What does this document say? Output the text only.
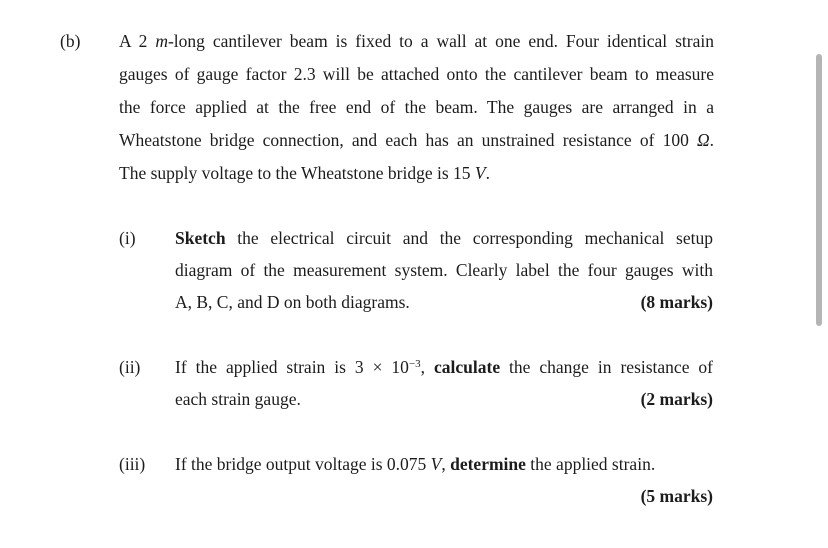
(b) A 2 m-long cantilever beam is fixed to a wall at one end. Four identical strain
gauges of gauge factor 2.3 will be attached onto the cantilever beam to measure
the force applied at the free end of the beam. The gauges are arranged in a
Wheatstone bridge connection, and each has an unstrained resistance of 100 Ω.
The supply voltage to the Wheatstone bridge is 15 V.
(i) Sketch the electrical circuit and the corresponding mechanical setup
diagram of the measurement system. Clearly label the four gauges with
A, B, C, and D on both diagrams.	(8 marks)
(ii) If the applied strain is $3 \times 10^{-3}$, calculate the change in resistance of
each strain gauge.	(2 marks)
(iii) If the bridge output voltage is 0.075 V, determine the applied strain.
(5 marks)
